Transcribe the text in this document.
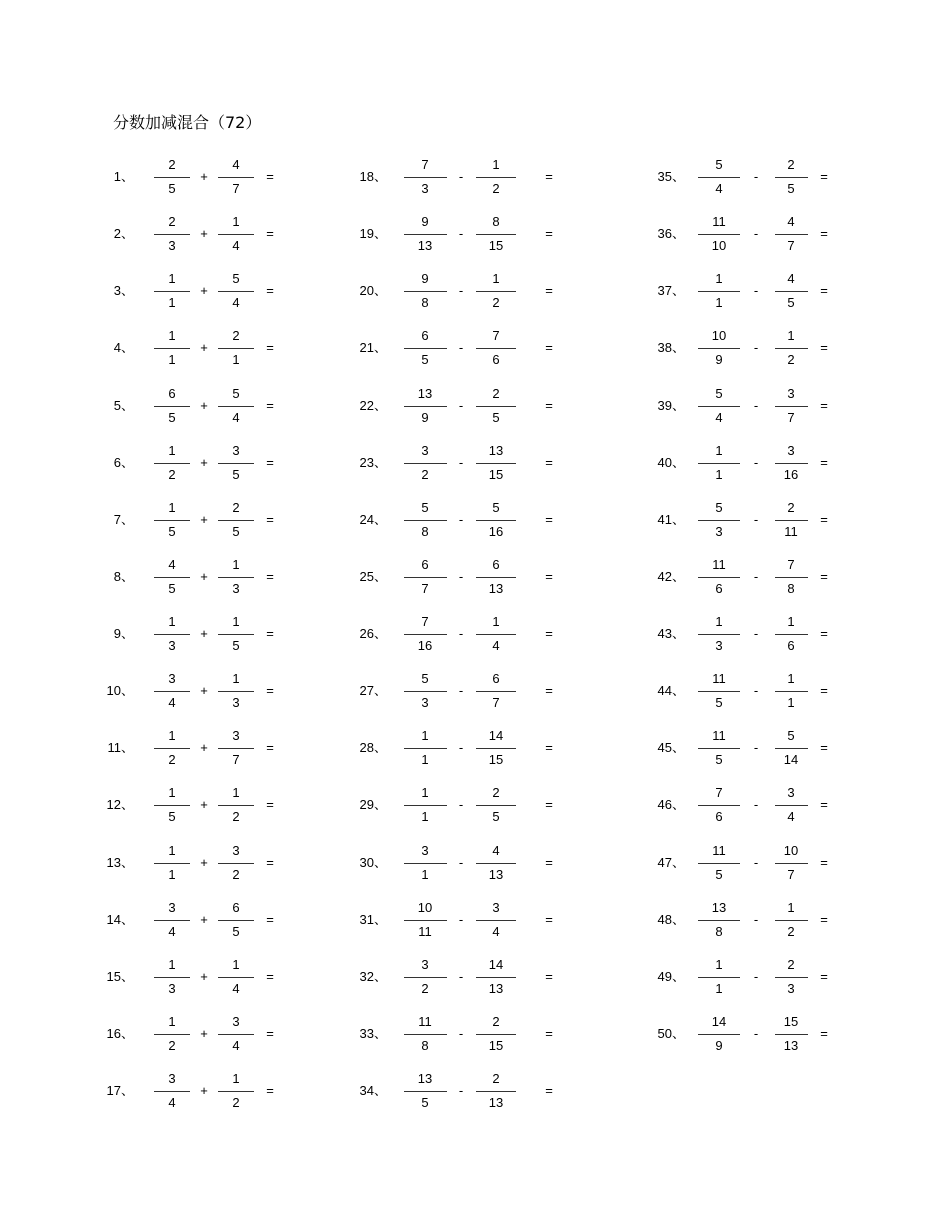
分数加减混合（72）
1、
2
5
+
4
7
=
2、
2
3
+
1
4
=
3、
1
1
+
5
4
=
4、
1
1
+
2
1
=
5、
6
5
+
5
4
=
6、
1
2
+
3
5
=
7、
1
5
+
2
5
=
8、
4
5
+
1
3
=
9、
1
3
+
1
5
=
10、
3
4
+
1
3
=
11、
1
2
+
3
7
=
12、
1
5
+
1
2
=
13、
1
1
+
3
2
=
14、
3
4
+
6
5
=
15、
1
3
+
1
4
=
16、
1
2
+
3
4
=
17、
3
4
+
1
2
=
18、
7
3
-
1
2
=
19、
9
13
-
8
15
=
20、
9
8
-
1
2
=
21、
6
5
-
7
6
=
22、
13
9
-
2
5
=
23、
3
2
-
13
15
=
24、
5
8
-
5
16
=
25、
6
7
-
6
13
=
26、
7
16
-
1
4
=
27、
5
3
-
6
7
=
28、
1
1
-
14
15
=
29、
1
1
-
2
5
=
30、
3
1
-
4
13
=
31、
10
11
-
3
4
=
32、
3
2
-
14
13
=
33、
11
8
-
2
15
=
34、
13
5
-
2
13
=
35、
5
4
-
2
5
=
36、
11
10
-
4
7
=
37、
1
1
-
4
5
=
38、
10
9
-
1
2
=
39、
5
4
-
3
7
=
40、
1
1
-
3
16
=
41、
5
3
-
2
11
=
42、
11
6
-
7
8
=
43、
1
3
-
1
6
=
44、
11
5
-
1
1
=
45、
11
5
-
5
14
=
46、
7
6
-
3
4
=
47、
11
5
-
10
7
=
48、
13
8
-
1
2
=
49、
1
1
-
2
3
=
50、
14
9
-
15
13
=
